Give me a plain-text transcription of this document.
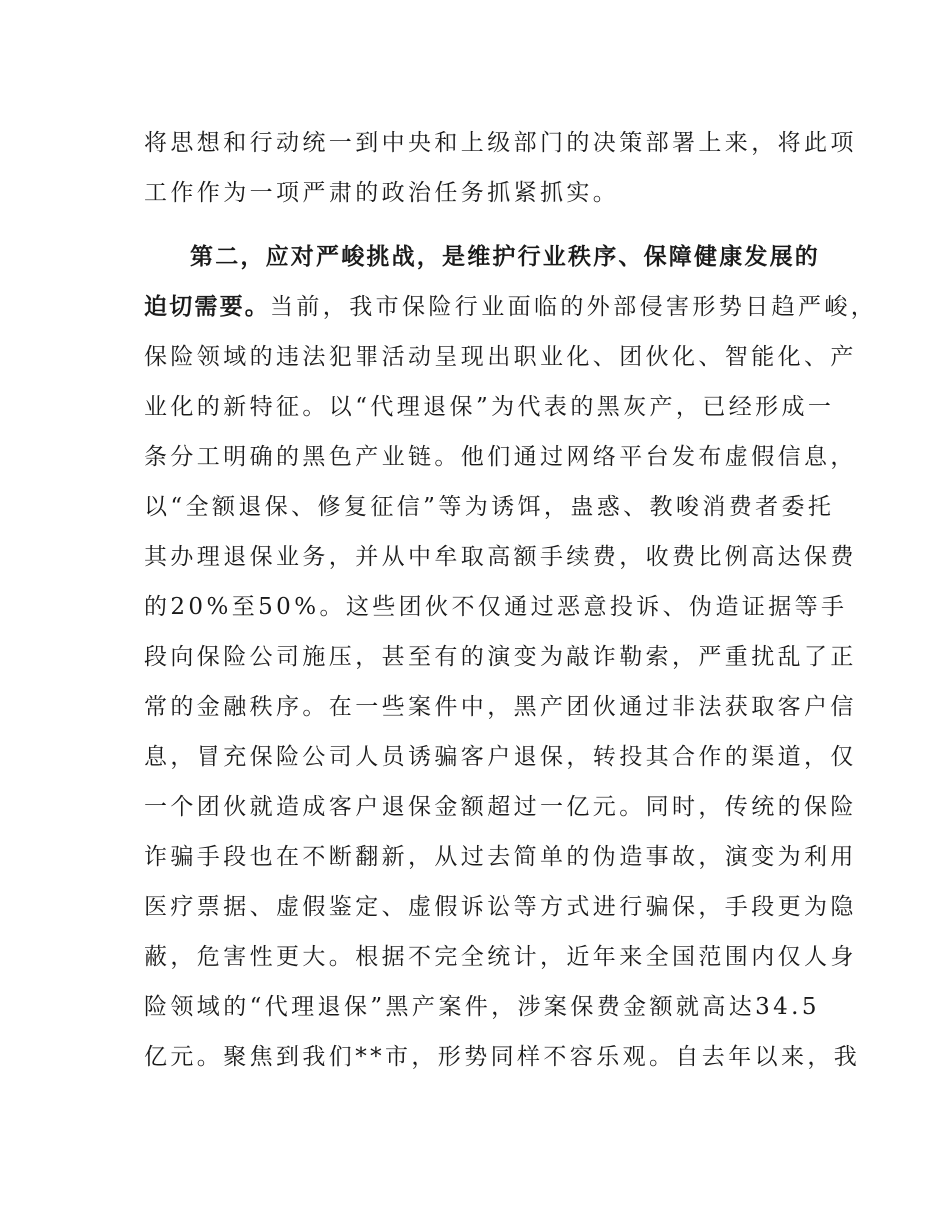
将思想和行动统一到中央和上级部门的决策部署上来，将此项
工作作为一项严肃的政治任务抓紧抓实。
第二，应对严峻挑战，是维护行业秩序、保障健康发展的
迫切需要。当前，我市保险行业面临的外部侵害形势日趋严峻，
保险领域的违法犯罪活动呈现出职业化、团伙化、智能化、产
业化的新特征。以“代理退保”为代表的黑灰产，已经形成一
条分工明确的黑色产业链。他们通过网络平台发布虚假信息，
以“全额退保、修复征信”等为诱饵，蛊惑、教唆消费者委托
其办理退保业务，并从中牟取高额手续费，收费比例高达保费
的20%至50%。这些团伙不仅通过恶意投诉、伪造证据等手
段向保险公司施压，甚至有的演变为敲诈勒索，严重扰乱了正
常的金融秩序。在一些案件中，黑产团伙通过非法获取客户信
息，冒充保险公司人员诱骗客户退保，转投其合作的渠道，仅
一个团伙就造成客户退保金额超过一亿元。同时，传统的保险
诈骗手段也在不断翻新，从过去简单的伪造事故，演变为利用
医疗票据、虚假鉴定、虚假诉讼等方式进行骗保，手段更为隐
蔽，危害性更大。根据不完全统计，近年来全国范围内仅人身
险领域的“代理退保”黑产案件，涉案保费金额就高达34.5
亿元。聚焦到我们**市，形势同样不容乐观。自去年以来，我
